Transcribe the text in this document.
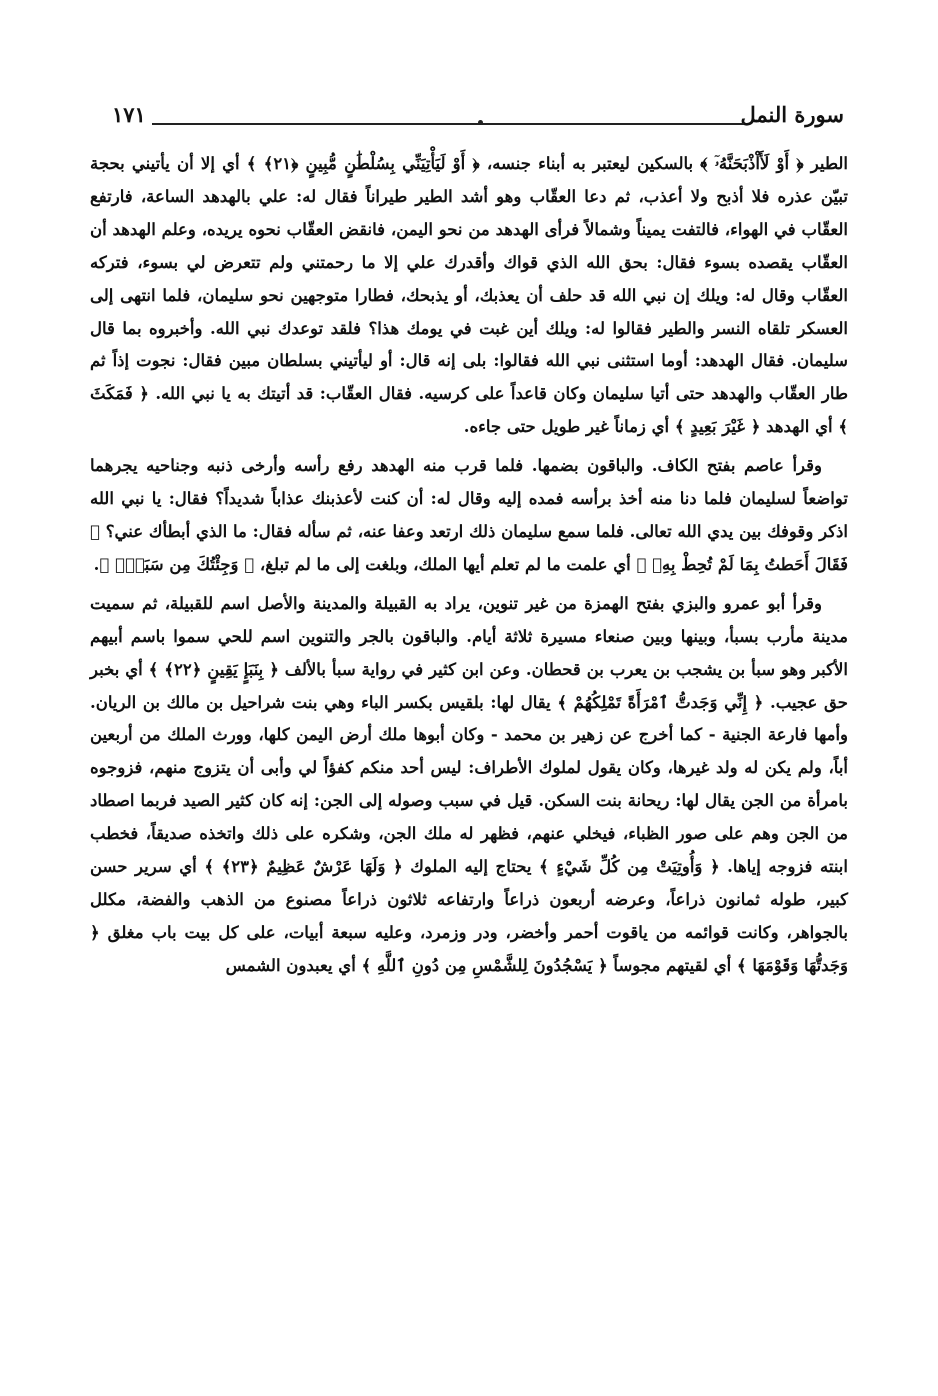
سورة النمل
١٧١

الطير ﴿ أَوْ لَأَاْذْبَحَنَّهُۥٓ ﴾ بالسكين ليعتبر به أبناء جنسه، ﴿ أَوْ لَيَأْتِيَنِّي بِسُلْطَٰنٍ مُّبِينٍ ﴿٢١﴾ ﴾ أي إلا أن يأتيني بحجة تبيّن عذره فلا أذبح ولا أعذب، ثم دعا العقّاب وهو أشد الطير طيراناً فقال له: علي بالهدهد الساعة، فارتفع العقّاب في الهواء، فالتفت يميناً وشمالاً فرأى الهدهد من نحو اليمن، فانقض العقّاب نحوه يريده، وعلم الهدهد أن العقّاب يقصده بسوء فقال: بحق الله الذي قواك وأقدرك علي إلا ما رحمتني ولم تتعرض لي بسوء، فتركه العقّاب وقال له: ويلك إن نبي الله قد حلف أن يعذبك، أو يذبحك، فطارا متوجهين نحو سليمان، فلما انتهى إلى العسكر تلقاه النسر والطير فقالوا له: ويلك أين غبت في يومك هذا؟ فلقد توعدك نبي الله. وأخبروه بما قال سليمان. فقال الهدهد: أوما استثنى نبي الله فقالوا: بلى إنه قال: أو ليأتيني بسلطان مبين فقال: نجوت إذاً ثم طار العقّاب والهدهد حتى أتيا سليمان وكان قاعداً على كرسيه. فقال العقّاب: قد أتيتك به يا نبي الله. ﴿ فَمَكَثَ ﴾ أي الهدهد ﴿ غَيْرَ بَعِيدٍ ﴾ أي زماناً غير طويل حتى جاءه.

وقرأ عاصم بفتح الكاف. والباقون بضمها. فلما قرب منه الهدهد رفع رأسه وأرخى ذنبه وجناحيه يجرهما تواضعاً لسليمان فلما دنا منه أخذ برأسه فمده إليه وقال له: أن كنت لأعذبنك عذاباً شديداً؟ فقال: يا نبي الله اذكر وقوفك بين يدي الله تعالى. فلما سمع سليمان ذلك ارتعد وعفا عنه، ثم سأله فقال: ما الذي أبطأك عني؟ ﴿ فَقَالَ أَحَطتُ بِمَا لَمْ تُحِطْ بِهِۦ ﴾ أي علمت ما لم تعلم أيها الملك، وبلغت إلى ما لم تبلغ، ﴿ وَجِئْتُكَ مِن سَبَإٍۭ ﴾.

وقرأ أبو عمرو والبزي بفتح الهمزة من غير تنوين، يراد به القبيلة والمدينة والأصل اسم للقبيلة، ثم سميت مدينة مأرب بسبأ، وبينها وبين صنعاء مسيرة ثلاثة أيام. والباقون بالجر والتنوين اسم للحي سموا باسم أبيهم الأكبر وهو سبأ بن يشجب بن يعرب بن قحطان. وعن ابن كثير في رواية سبأ بالألف ﴿ بِنَبَإٍ يَقِينٍ ﴿٢٢﴾ ﴾ أي بخبر حق عجيب. ﴿ إِنِّي وَجَدتُّ ٱمْرَأَةً تَمْلِكُهُمْ ﴾ يقال لها: بلقيس بكسر الباء وهي بنت شراحيل بن مالك بن الريان. وأمها فارعة الجنية - كما أخرج عن زهير بن محمد - وكان أبوها ملك أرض اليمن كلها، وورث الملك من أربعين أباً، ولم يكن له ولد غيرها، وكان يقول لملوك الأطراف: ليس أحد منكم كفؤاً لي وأبى أن يتزوج منهم، فزوجوه بامرأة من الجن يقال لها: ريحانة بنت السكن. قيل في سبب وصوله إلى الجن: إنه كان كثير الصيد فربما اصطاد من الجن وهم على صور الظباء، فيخلي عنهم، فظهر له ملك الجن، وشكره على ذلك واتخذه صديقاً، فخطب ابنته فزوجه إياها. ﴿ وَأُوتِيَتْ مِن كُلِّ شَيْءٍ ﴾ يحتاج إليه الملوك ﴿ وَلَهَا عَرْشٌ عَظِيمٌ ﴿٢٣﴾ ﴾ أي سرير حسن كبير، طوله ثمانون ذراعاً، وعرضه أربعون ذراعاً وارتفاعه ثلاثون ذراعاً مصنوع من الذهب والفضة، مكلل بالجواهر، وكانت قوائمه من ياقوت أحمر وأخضر، ودر وزمرد، وعليه سبعة أبيات، على كل بيت باب مغلق ﴿ وَجَدتُّهَا وَقَوْمَهَا ﴾ أي لقيتهم مجوساً ﴿ يَسْجُدُونَ لِلشَّمْسِ مِن دُونِ ٱللَّهِ ﴾ أي يعبدون الشمس
